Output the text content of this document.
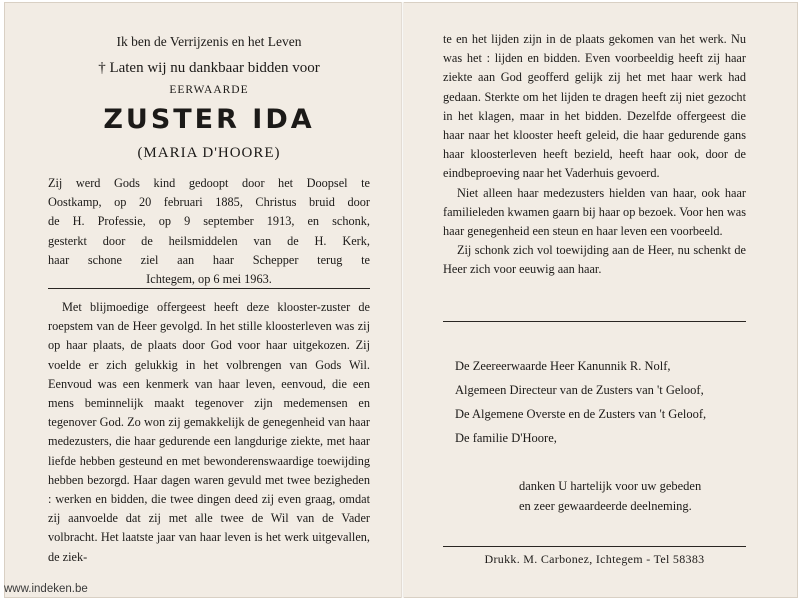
Ik ben de Verrijzenis en het Leven
† Laten wij nu dankbaar bidden voor
EERWAARDE
ZUSTER IDA
(MARIA D'HOORE)
Zij werd Gods kind gedoopt door het Doopsel te
Oostkamp, op 20 februari 1885, Christus bruid door
de H. Professie, op 9 september 1913, en schonk,
gesterkt door de heilsmiddelen van de H. Kerk,
haar schone ziel aan haar Schepper terug te
Ichtegem, op 6 mei 1963.

Met blijmoedige offergeest heeft deze klooster-zuster de roepstem van de Heer gevolgd. In het stille kloosterleven was zij op haar plaats, de plaats door God voor haar uitgekozen. Zij voelde er zich gelukkig in het volbrengen van Gods Wil. Eenvoud was een kenmerk van haar leven, eenvoud, die een mens beminnelijk maakt tegenover zijn medemensen en tegenover God. Zo won zij gemakkelijk de genegenheid van haar medezusters, die haar gedurende een langdurige ziekte, met haar liefde hebben gesteund en met bewonderenswaardige toewijding hebben bezorgd. Haar dagen waren gevuld met twee bezigheden : werken en bidden, die twee dingen deed zij even graag, omdat zij aanvoelde dat zij met alle twee de Wil van de Vader volbracht. Het laatste jaar van haar leven is het werk uitgevallen, de ziek-

te en het lijden zijn in de plaats gekomen van het werk. Nu was het : lijden en bidden. Even voorbeeldig heeft zij haar ziekte aan God geofferd gelijk zij het met haar werk had gedaan. Sterkte om het lijden te dragen heeft zij niet gezocht in het klagen, maar in het bidden. Dezelfde offergeest die haar naar het klooster heeft geleid, die haar gedurende gans haar kloosterleven heeft bezield, heeft haar ook, door de eindbeproeving naar het Vaderhuis gevoerd.

Niet alleen haar medezusters hielden van haar, ook haar familieleden kwamen gaarn bij haar op bezoek. Voor hen was haar genegenheid een steun en haar leven een voorbeeld.

Zij schonk zich vol toewijding aan de Heer, nu schenkt de Heer zich voor eeuwig aan haar.

De Zeereerwaarde Heer Kanunnik R. Nolf,
Algemeen Directeur van de Zusters van 't Geloof,
De Algemene Overste en de Zusters van 't Geloof,
De familie D'Hoore,
danken U hartelijk voor uw gebeden
en zeer gewaardeerde deelneming.
Drukk. M. Carbonez, Ichtegem - Tel 58383
www.indeken.be
